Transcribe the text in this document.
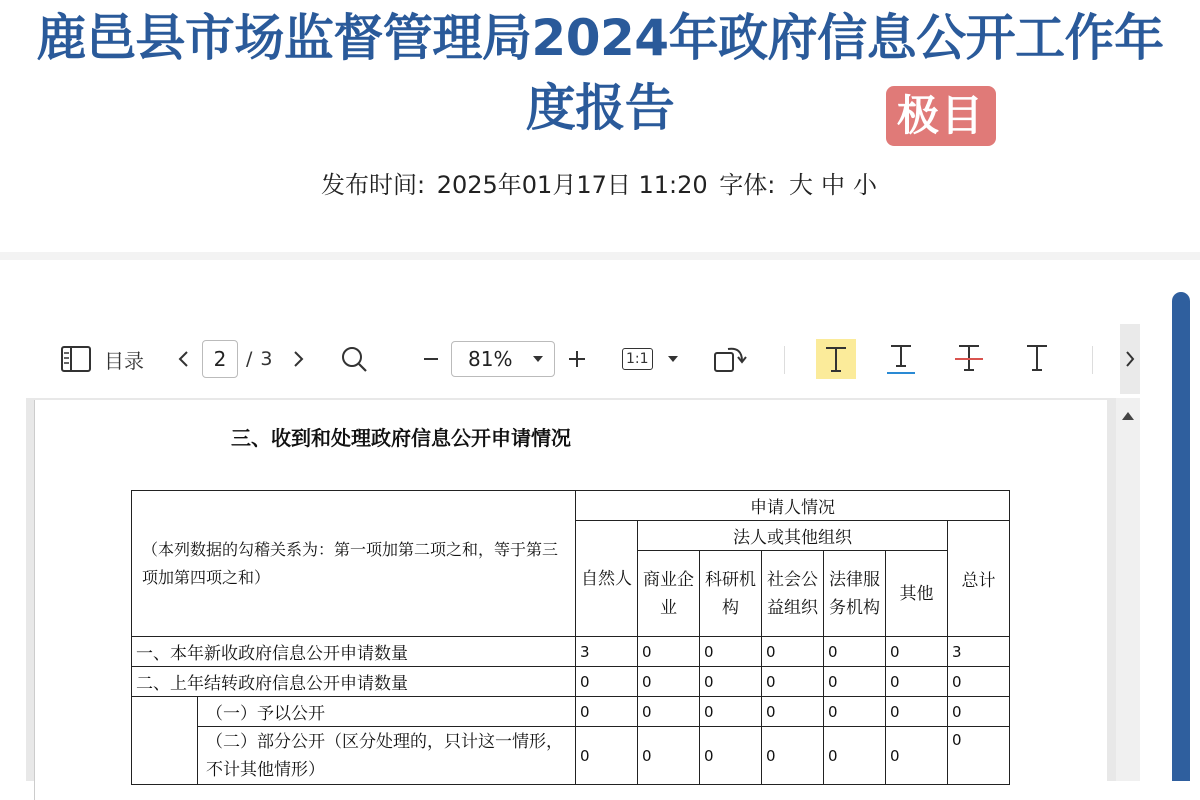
鹿邑县市场监督管理局2024年政府信息公开工作年
度报告	极目
发布时间: 2025年01月17日 11:20 字体: 大 中 小
目录	2	/ 3	81%	1:1
三、收到和处理政府信息公开申请情况
（本列数据的勾稽关系为：第一项加第二项之和，等于第三项加第四项之和）		申请人情况						
		自然人	法人或其他组织					总计
			商业企业	科研机构	社会公益组织	法律服务机构	其他	
一、本年新收政府信息公开申请数量		3	0	0	0	0	0	3
二、上年结转政府信息公开申请数量		0	0	0	0	0	0	0
	（一）予以公开	0	0	0	0	0	0	0
	（二）部分公开（区分处理的，只计这一情形，不计其他情形）	0	0	0	0	0	0	0
